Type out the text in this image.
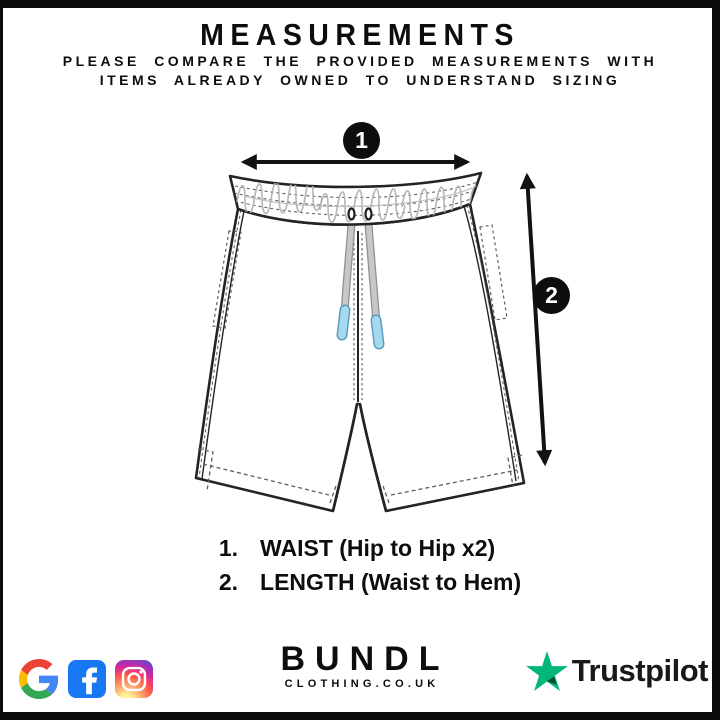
MEASUREMENTS
PLEASE COMPARE THE PROVIDED MEASUREMENTS WITH
ITEMS ALREADY OWNED TO UNDERSTAND SIZING
1
2
1. WAIST (Hip to Hip x2)
2. LENGTH (Waist to Hem)
BUNDL
CLOTHING.CO.UK	Trustpilot
